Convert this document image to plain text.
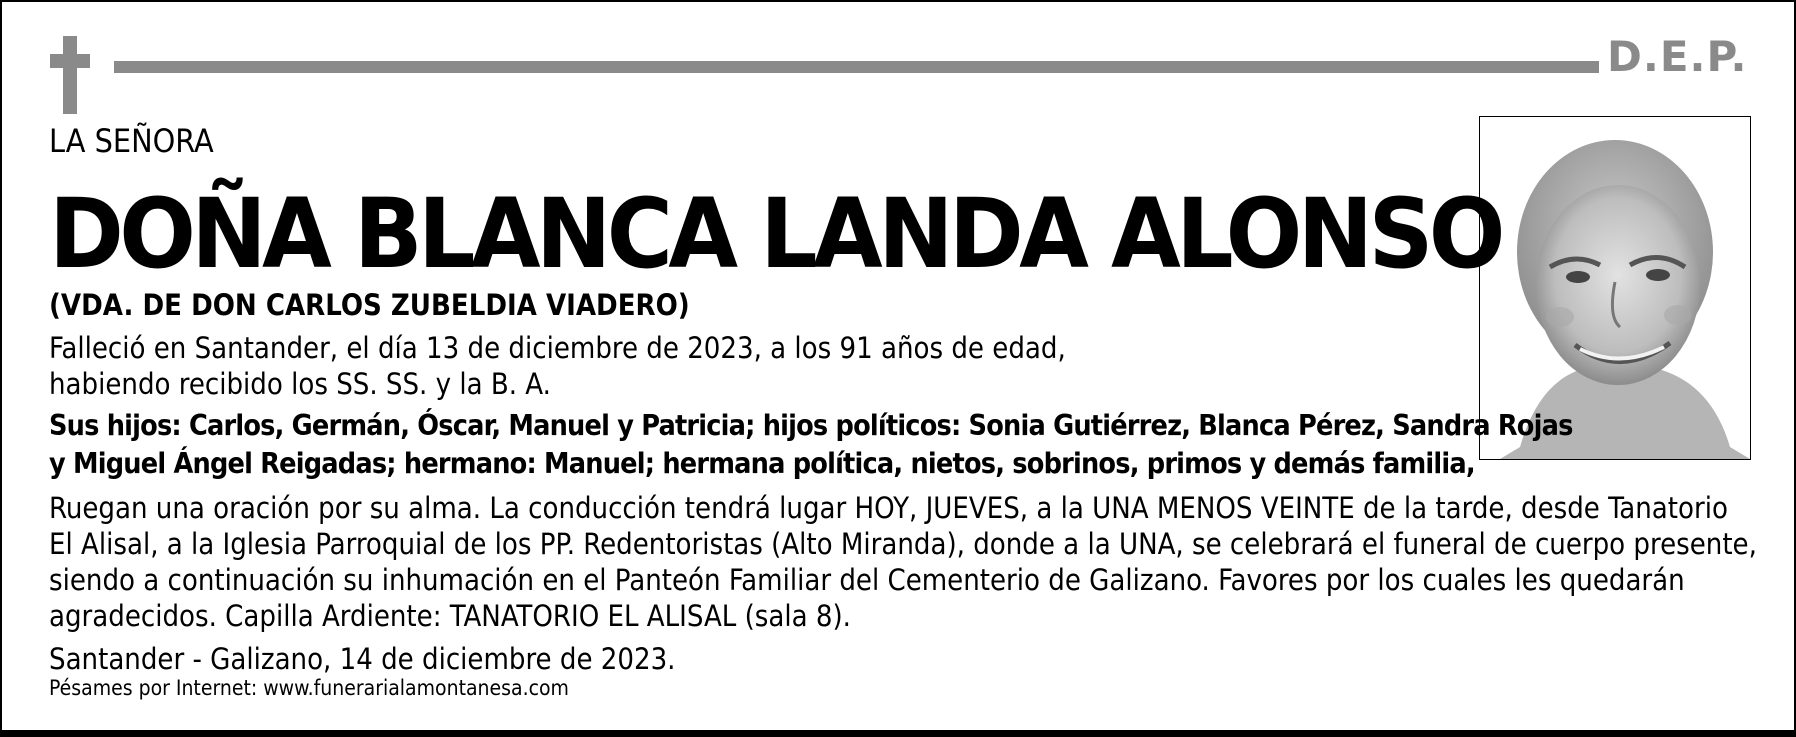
D.E.P.
LA SEÑORA
DOÑA BLANCA LANDA ALONSO
(VDA. DE DON CARLOS ZUBELDIA VIADERO)
Falleció en Santander, el día 13 de diciembre de 2023, a los 91 años de edad,
habiendo recibido los SS. SS. y la B. A.
Sus hijos: Carlos, Germán, Óscar, Manuel y Patricia; hijos políticos: Sonia Gutiérrez, Blanca Pérez, Sandra Rojas
y Miguel Ángel Reigadas; hermano: Manuel; hermana política, nietos, sobrinos, primos y demás familia,
Ruegan una oración por su alma. La conducción tendrá lugar HOY, JUEVES, a la UNA MENOS VEINTE de la tarde, desde Tanatorio
El Alisal, a la Iglesia Parroquial de los PP. Redentoristas (Alto Miranda), donde a la UNA, se celebrará el funeral de cuerpo presente,
siendo a continuación su inhumación en el Panteón Familiar del Cementerio de Galizano. Favores por los cuales les quedarán
agradecidos. Capilla Ardiente: TANATORIO EL ALISAL (sala 8).
Santander - Galizano, 14 de diciembre de 2023.
Pésames por Internet: www.funerarialamontanesa.com
